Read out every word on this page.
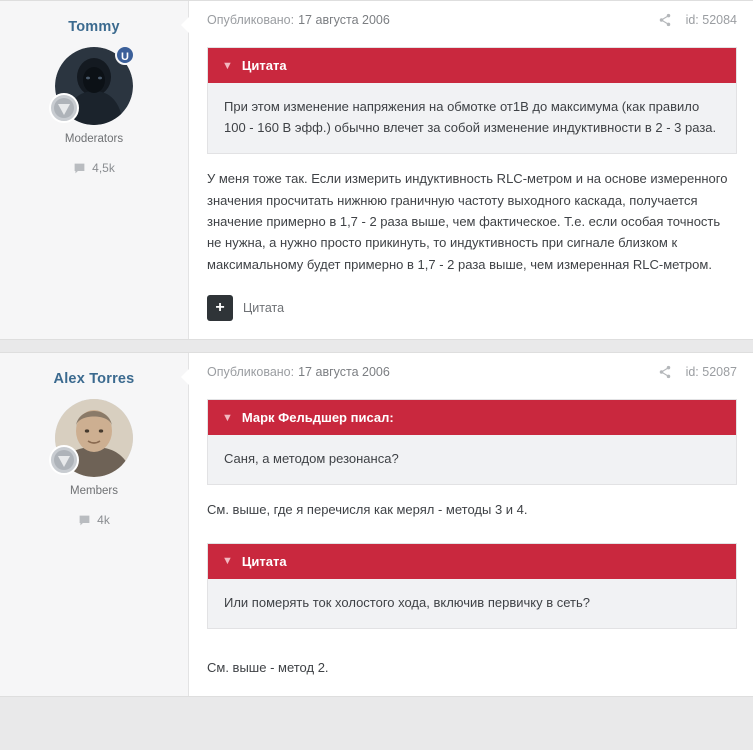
Tommy
U
Moderators
4,5k
Опубликовано: 17 августа 2006	id: 52084
▼ Цитата
При этом изменение напряжения на обмотке от1В до максимума (как правило 100 - 160 В эфф.) обычно влечет за собой изменение индуктивности в 2 - 3 раза.

У меня тоже так. Если измерить индуктивность RLC-метром и на основе измеренного значения просчитать нижнюю граничную частоту выходного каскада, получается значение примерно в 1,7 - 2 раза выше, чем фактическое. Т.е. если особая точность не нужна, а нужно просто прикинуть, то индуктивность при сигнале близком к максимальному будет примерно в 1,7 - 2 раза выше, чем измеренная RLC-метром.

+	Цитата
Alex Torres
Members
4k
Опубликовано: 17 августа 2006	id: 52087
▼ Марк Фельдшер писал:
Саня, а методом резонанса?

См. выше, где я перечисля как мерял - методы 3 и 4.

▼ Цитата
Или померять ток холостого хода, включив первичку в сеть?

См. выше - метод 2.
